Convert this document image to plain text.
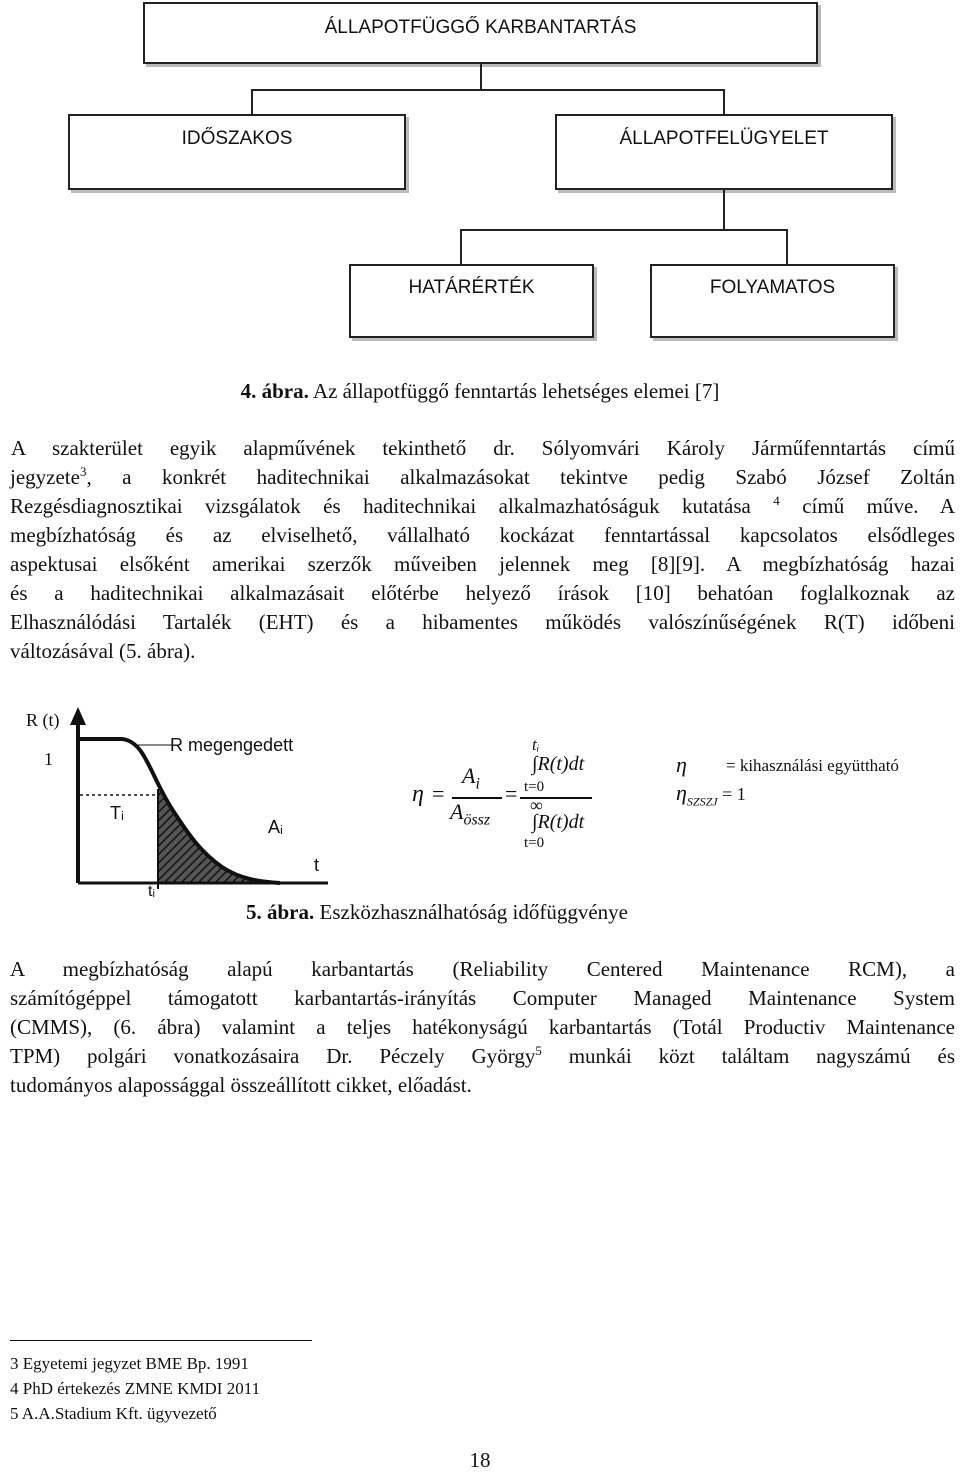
ÁLLAPOTFÜGGŐ KARBANTARTÁS
IDŐSZAKOS	ÁLLAPOTFELÜGYELET
HATÁRÉRTÉK	FOLYAMATOS
4. ábra. Az állapotfüggő fenntartás lehetséges elemei [7]
A szakterület egyik alapművének tekinthető dr. Sólyomvári Károly Járműfenntartás című
jegyzete$^3$, a konkrét haditechnikai alkalmazásokat tekintve pedig Szabó József Zoltán
Rezgésdiagnosztikai vizsgálatok és haditechnikai alkalmazhatóságuk kutatása $^4$ című műve. A
megbízhatóság és az elviselhető, vállalható kockázat fenntartással kapcsolatos elsődleges
aspektusai elsőként amerikai szerzők műveiben jelennek meg [8][9]. A megbízhatóság hazai
és a haditechnikai alkalmazásait előtérbe helyező írások [10] behatóan foglalkoznak az
Elhasználódási Tartalék (EHT) és a hibamentes működés valószínűségének R(T) időbeni
változásával (5. ábra).
R (t)
1
R megengedett
Tᵢ
Aᵢ
t
tᵢ
η =
$A_i$
$A_{össz}$
=
tᵢ
∫R(t)dt
t=0
∞
∫R(t)dt
t=0
η = kihasználási együttható
$\eta_{SZSZJ} = 1$
5. ábra. Eszközhasználhatóság időfüggvénye
A megbízhatóság alapú karbantartás (Reliability Centered Maintenance RCM), a
számítógéppel támogatott karbantartás-irányítás Computer Managed Maintenance System
(CMMS), (6. ábra) valamint a teljes hatékonyságú karbantartás (Totál Productiv Maintenance
TPM) polgári vonatkozásaira Dr. Péczely György$^5$ munkái közt találtam nagyszámú és
tudományos alapossággal összeállított cikket, előadást.
3 Egyetemi jegyzet BME Bp. 1991
4 PhD értekezés ZMNE KMDI 2011
5 A.A.Stadium Kft. ügyvezető
18
